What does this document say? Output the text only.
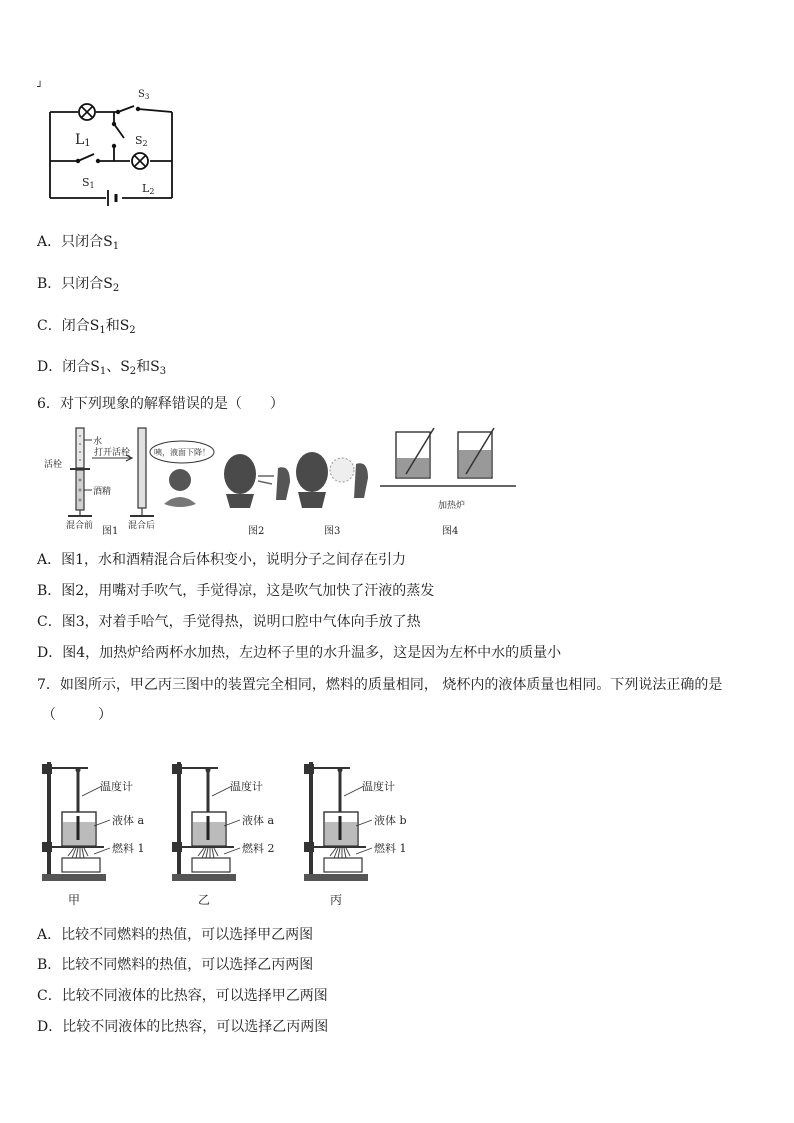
┘
$S_3$
L1	S2
S1	L2
A．只闭合$S_1$
B．只闭合$S_2$
C．闭合$S_1$和$S_2$
D．闭合$S_1$、$S_2$和$S_3$
6．对下列现象的解释错误的是（　　）
水
活栓
打开活栓
酒精
混合前	混合后
咦，液面下降！
加热炉
图1	图2	图3	图4
A．图1，水和酒精混合后体积变小，说明分子之间存在引力
B．图2，用嘴对手吹气，手觉得凉，这是吹气加快了汗液的蒸发
C．图3，对着手哈气，手觉得热，说明口腔中气体向手放了热
D．图4，加热炉给两杯水加热，左边杯子里的水升温多，这是因为左杯中水的质量小
7．如图所示，甲乙丙三图中的装置完全相同，燃料的质量相同， 烧杯内的液体质量也相同。下列说法正确的是
（　　　）
温度计
液体 a
燃料 1
甲
温度计
液体 a
燃料 2
乙
温度计
液体 b
燃料 1
丙
A．比较不同燃料的热值，可以选择甲乙两图
B．比较不同燃料的热值，可以选择乙丙两图
C．比较不同液体的比热容，可以选择甲乙两图
D．比较不同液体的比热容，可以选择乙丙两图
